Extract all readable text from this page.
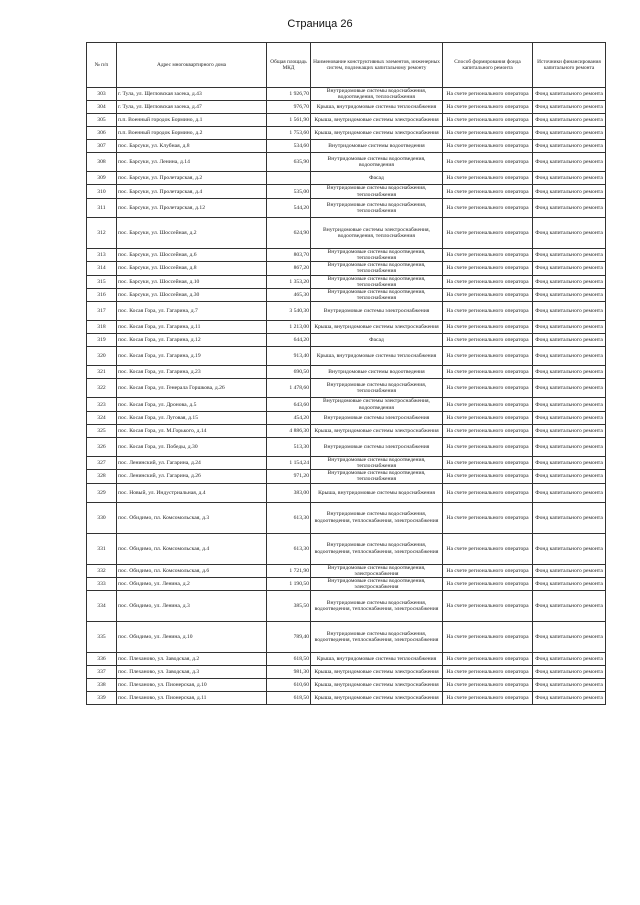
Страница 26
№ п/п	Адрес многоквартирного дома	Общая площадь МКД	Наименование конструктивных элементов, инженерных систем, подлежащих капитальному ремонту	Способ формирования фонда капитального ремонта	Источники финансирования капитального ремонта
303	г. Тула, ул. Щегловская засека, д.43	1 926,70	Внутридомовые системы водоснабжения, водоотведения, теплоснабжения	На счете регионального оператора	Фонд капитального ремонта
304	г. Тула, ул. Щегловская засека, д.47	976,70	Крыша, внутридомовые системы теплоснабжения	На счете регионального оператора	Фонд капитального ремонта
305	п.п. Военный городок Бормино, д.1	1 561,90	Крыша, внутридомовые системы электроснабжения	На счете регионального оператора	Фонд капитального ремонта
306	п.п. Военный городок Бормино, д.2	1 753,60	Крыша, внутридомовые системы электроснабжения	На счете регионального оператора	Фонд капитального ремонта
307	пос. Барсуки, ул. Клубная, д.8	534,60	Внутридомовые системы водоотведения	На счете регионального оператора	Фонд капитального ремонта
308	пос. Барсуки, ул. Ленина, д.14	635,90	Внутридомовые системы водоотведения, водоотведения	На счете регионального оператора	Фонд капитального ремонта
309	пос. Барсуки, ул. Пролетарская, д.2		Фасад	На счете регионального оператора	Фонд капитального ремонта
310	пос. Барсуки, ул. Пролетарская, д.4	535,00	Внутридомовые системы водоснабжения, теплоснабжения	На счете регионального оператора	Фонд капитального ремонта
311	пос. Барсуки, ул. Пролетарская, д.12	544,20	Внутридомовые системы водоснабжения, теплоснабжения	На счете регионального оператора	Фонд капитального ремонта
312	пос. Барсуки, ул. Шоссейная, д.2	624,90	Внутридомовые системы электроснабжения, водоотведения, теплоснабжения	На счете регионального оператора	Фонд капитального ремонта
313	пос. Барсуки, ул. Шоссейная, д.6	803,70	Внутридомовые системы водоотведения, теплоснабжения	На счете регионального оператора	Фонд капитального ремонта
314	пос. Барсуки, ул. Шоссейная, д.8	867,20	Внутридомовые системы водоотведения, теплоснабжения	На счете регионального оператора	Фонд капитального ремонта
315	пос. Барсуки, ул. Шоссейная, д.10	1 353,20	Внутридомовые системы водоотведения, теплоснабжения	На счете регионального оператора	Фонд капитального ремонта
316	пос. Барсуки, ул. Шоссейная, д.30	465,30	Внутридомовые системы водоотведения, теплоснабжения	На счете регионального оператора	Фонд капитального ремонта
317	пос. Косая Гора, ул. Гагарина, д.7	3 540,30	Внутридомовые системы электроснабжения	На счете регионального оператора	Фонд капитального ремонта
318	пос. Косая Гора, ул. Гагарина, д.11	1 213,00	Крыша, внутридомовые системы электроснабжения	На счете регионального оператора	Фонд капитального ремонта
319	пос. Косая Гора, ул. Гагарина, д.12	644,20	Фасад	На счете регионального оператора	Фонд капитального ремонта
320	пос. Косая Гора, ул. Гагарина, д.19	913,40	Крыша, внутридомовые системы теплоснабжения	На счете регионального оператора	Фонд капитального ремонта
321	пос. Косая Гора, ул. Гагарина, д.23	690,50	Внутридомовые системы водоотведения	На счете регионального оператора	Фонд капитального ремонта
322	пос. Косая Гора, ул. Генерала Горшкова, д.26	1 478,60	Внутридомовые системы водоснабжения, теплоснабжения	На счете регионального оператора	Фонд капитального ремонта
323	пос. Косая Гора, ул. Дронова, д.5	643,60	Внутридомовые системы электроснабжения, водоотведения	На счете регионального оператора	Фонд капитального ремонта
324	пос. Косая Гора, ул. Луговая, д.15	454,20	Внутридомовые системы электроснабжения	На счете регионального оператора	Фонд капитального ремонта
325	пос. Косая Гора, ул. М.Горького, д.14	4 886,30	Крыша, внутридомовые системы электроснабжения	На счете регионального оператора	Фонд капитального ремонта
326	пос. Косая Гора, ул. Победы, д.30	513,30	Внутридомовые системы электроснабжения	На счете регионального оператора	Фонд капитального ремонта
327	пос. Ленинский, ул. Гагарина, д.24	1 154,24	Внутридомовые системы водоотведения, теплоснабжения	На счете регионального оператора	Фонд капитального ремонта
328	пос. Ленинский, ул. Гагарина, д.26	971,20	Внутридомовые системы водоотведения, теплоснабжения	На счете регионального оператора	Фонд капитального ремонта
329	пос. Новый, ул. Индустриальная, д.4	383,00	Крыша, внутридомовые системы водоснабжения	На счете регионального оператора	Фонд капитального ремонта
330	пос. Обидимо, пл. Комсомольская, д.3	613,30	Внутридомовые системы водоснабжения, водоотведения, теплоснабжения, электроснабжения	На счете регионального оператора	Фонд капитального ремонта
331	пос. Обидимо, пл. Комсомольская, д.4	613,30	Внутридомовые системы водоснабжения, водоотведения, теплоснабжения, электроснабжения	На счете регионального оператора	Фонд капитального ремонта
332	пос. Обидимо, пл. Комсомольская, д.6	1 721,90	Внутридомовые системы водоотведения, электроснабжения	На счете регионального оператора	Фонд капитального ремонта
333	пос. Обидимо, ул. Ленина, д.2	1 190,50	Внутридомовые системы водоотведения, электроснабжения	На счете регионального оператора	Фонд капитального ремонта
334	пос. Обидимо, ул. Ленина, д.3	385,50	Внутридомовые системы водоснабжения, водоотведения, теплоснабжения, электроснабжения	На счете регионального оператора	Фонд капитального ремонта
335	пос. Обидимо, ул. Ленина, д.10	789,40	Внутридомовые системы водоснабжения, водоотведения, теплоснабжения, электроснабжения	На счете регионального оператора	Фонд капитального ремонта
336	пос. Плеханово, ул. Заводская, д.2	618,50	Крыша, внутридомовые системы теплоснабжения	На счете регионального оператора	Фонд капитального ремонта
337	пос. Плеханово, ул. Заводская, д.3	981,30	Крыша, внутридомовые системы электроснабжения	На счете регионального оператора	Фонд капитального ремонта
338	пос. Плеханово, ул. Пионерская, д.10	610,60	Крыша, внутридомовые системы электроснабжения	На счете регионального оператора	Фонд капитального ремонта
339	пос. Плеханово, ул. Пионерская, д.11	618,50	Крыша, внутридомовые системы электроснабжения	На счете регионального оператора	Фонд капитального ремонта
